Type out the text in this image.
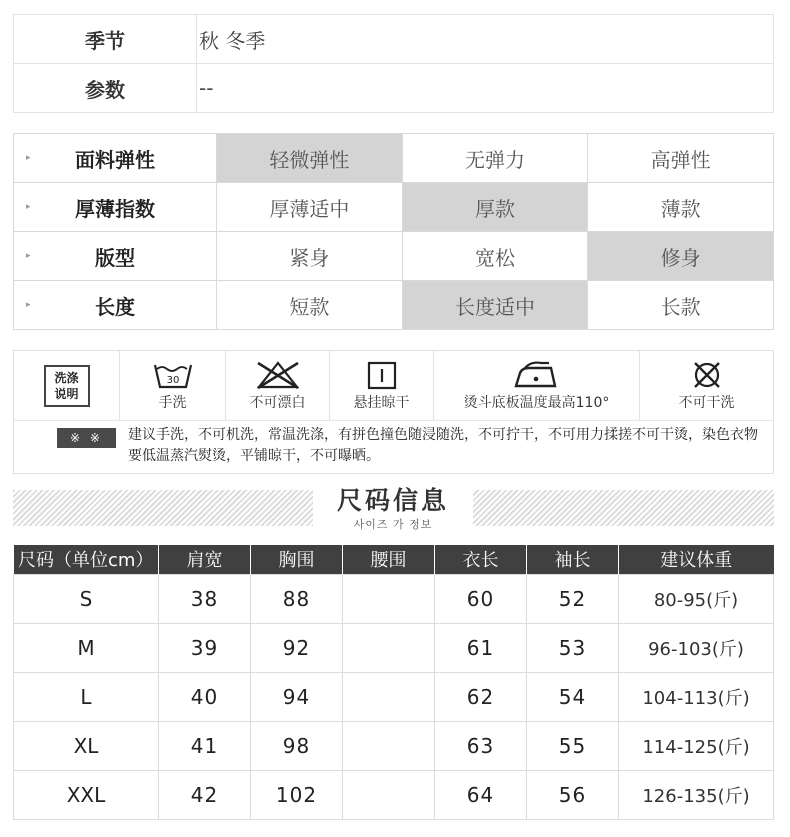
季节	秋 冬季
参数	--
▸ 面料弹性	轻微弹性	无弹力	高弹性

▸ 厚薄指数	厚薄适中	厚款	薄款

▸ 版型	紧身	宽松	修身

▸ 长度	短款	长度适中	长款
洗涤
说明
30
手洗	不可漂白	悬挂晾干	烫斗底板温度最高110°	不可干洗
※ ※	建议手洗，不可机洗，常温洗涤，有拼色撞色随浸随洗，不可拧干，不可用力揉搓不可干烫，染色衣物要低温蒸汽熨烫，平铺晾干，不可曝晒。
尺码信息
사이즈 가 정보
尺码（单位cm）	肩宽	胸围	腰围	衣长	袖长	建议体重
S	38	88		60	52	80-95(斤)
M	39	92		61	53	96-103(斤)
L	40	94		62	54	104-113(斤)
XL	41	98		63	55	114-125(斤)
XXL	42	102		64	56	126-135(斤)
